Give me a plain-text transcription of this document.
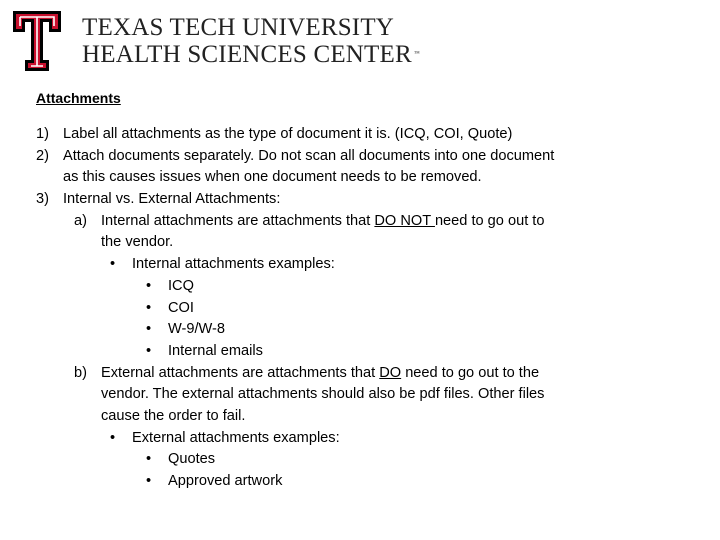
TEXAS TECH UNIVERSITY
HEALTH SCIENCES CENTER ™
Attachments
1) Label all attachments as the type of document it is. (ICQ, COI, Quote)
2) Attach documents separately. Do not scan all documents into one document
as this causes issues when one document needs to be removed.
3) Internal vs. External Attachments:
a) Internal attachments are attachments that DO NOT need to go out to
the vendor.
• Internal attachments examples:
• ICQ
• COI
• W-9/W-8
• Internal emails
b) External attachments are attachments that DO need to go out to the
vendor. The external attachments should also be pdf files. Other files
cause the order to fail.
• External attachments examples:
• Quotes
• Approved artwork
